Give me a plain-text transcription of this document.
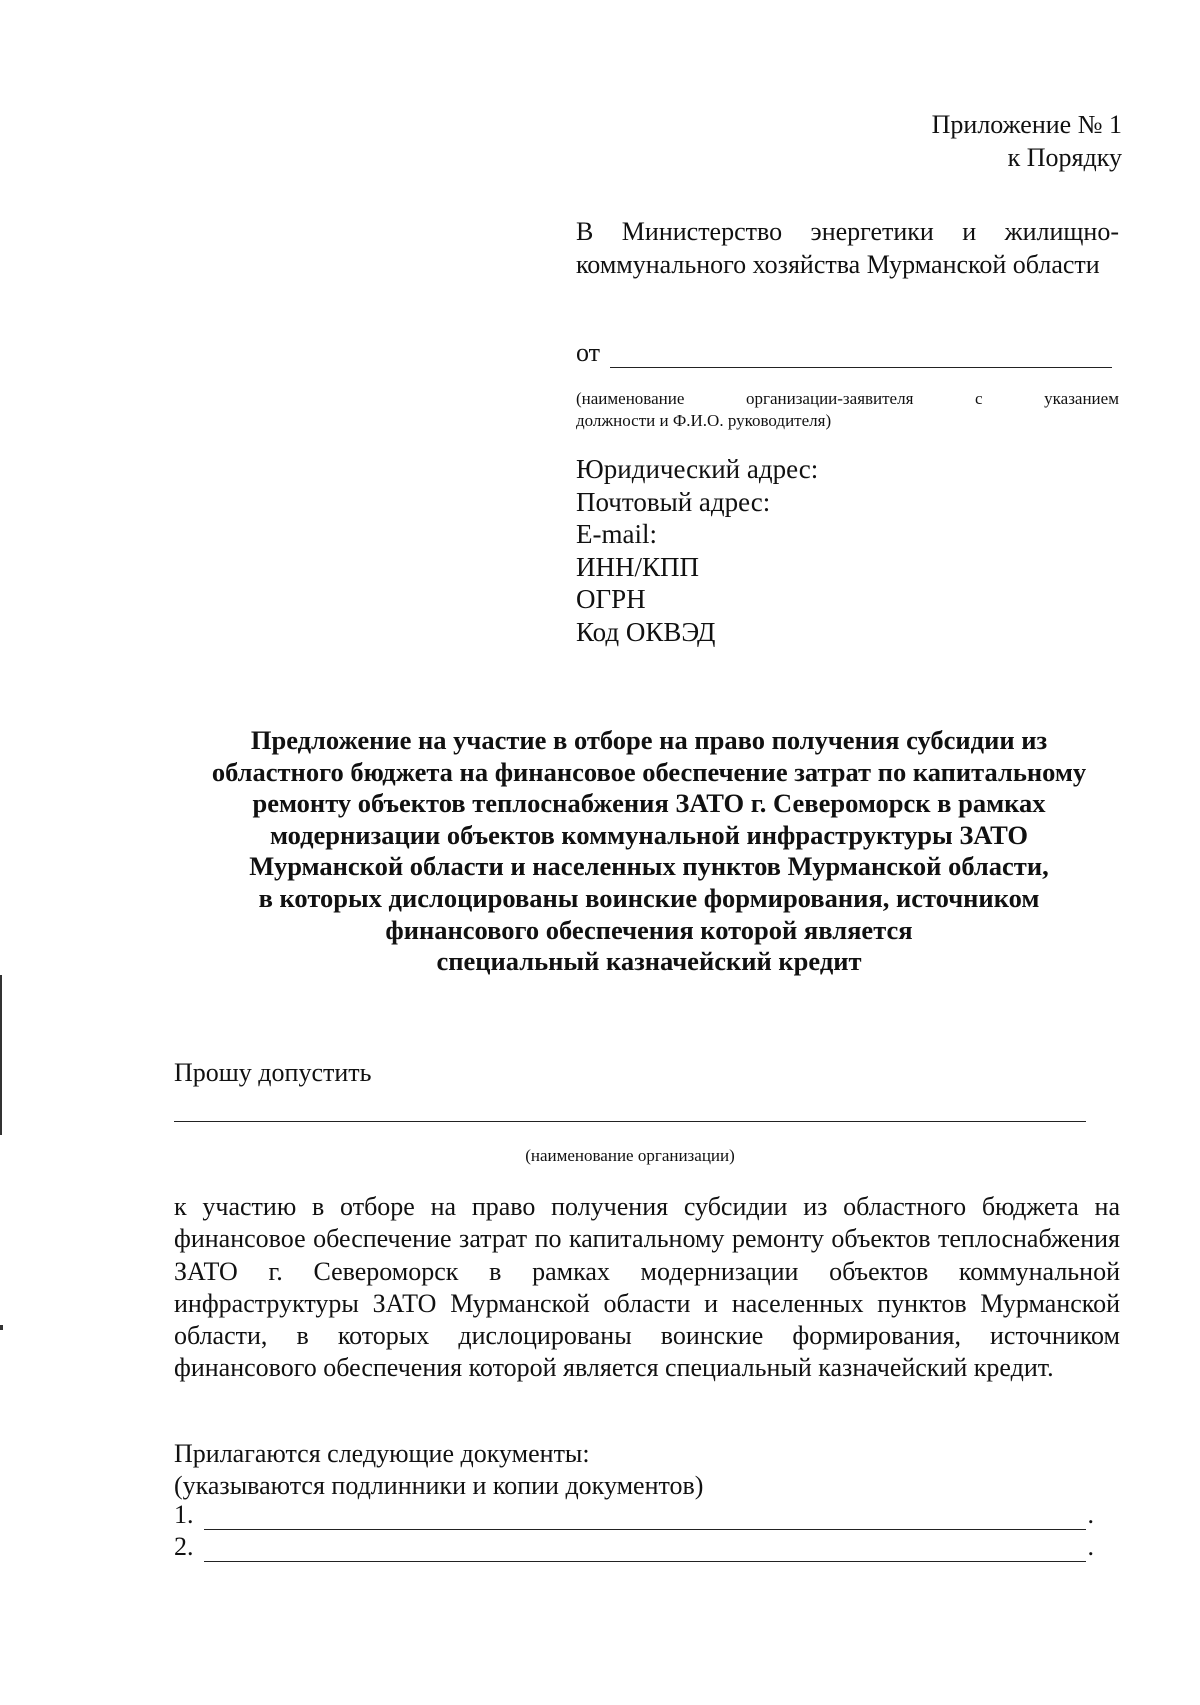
Приложение № 1
к Порядку
В Министерство энергетики и жилищно-коммунального хозяйства Мурманской области
от
(наименование	организации-заявителя	с	указанием
должности и Ф.И.О. руководителя)
Юридический адрес:
Почтовый адрес:
E-mail:
ИНН/КПП
ОГРН
Код ОКВЭД
Предложение на участие в отборе на право получения субсидии из
областного бюджета на финансовое обеспечение затрат по капитальному
ремонту объектов теплоснабжения ЗАТО г. Североморск в рамках
модернизации объектов коммунальной инфраструктуры ЗАТО
Мурманской области и населенных пунктов Мурманской области,
в которых дислоцированы воинские формирования, источником
финансового обеспечения которой является
специальный казначейский кредит
Прошу допустить
(наименование организации)
к участию в отборе на право получения субсидии из областного бюджета на финансовое обеспечение затрат по капитальному ремонту объектов теплоснабжения ЗАТО г. Североморск в рамках модернизации объектов коммунальной инфраструктуры ЗАТО Мурманской области и населенных пунктов Мурманской области, в которых дислоцированы воинские формирования, источником финансового обеспечения которой является специальный казначейский кредит.
Прилагаются следующие документы:
(указываются подлинники и копии документов)
1.	.
2.	.
